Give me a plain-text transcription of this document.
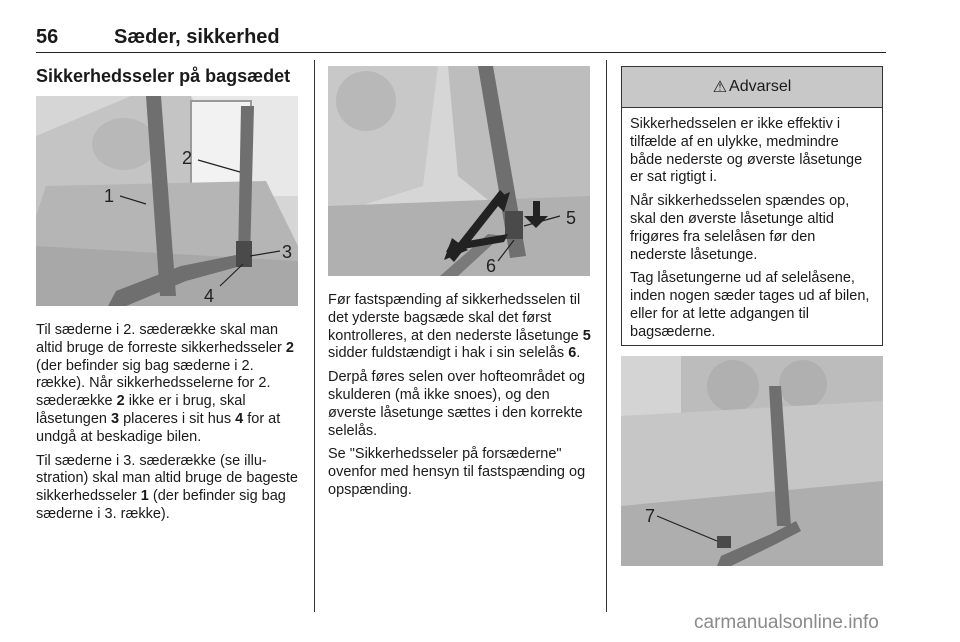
56	Sæder, sikkerhed
Sikkerhedsseler på bagsædet
1
2
3
4

Til sæderne i 2. sæderække skal man altid bruge de forreste sikkerhedsseler 2 (der befinder sig bag sæderne i 2. række). Når sikkerhedsselerne for 2. sæderække 2 ikke er i brug, skal låsetungen 3 placeres i sit hus 4 for at undgå at beskadige bilen.

Til sæderne i 3. sæderække (se illustration) skal man altid bruge de bageste sikkerhedsseler 1 (der befinder sig bag sæderne i 3. række).

5
6

Før fastspænding af sikkerhedsselen til det yderste bagsæde skal det først kontrolleres, at den nederste låsetunge 5 sidder fuldstændigt i hak i sin selelås 6.

Derpå føres selen over hofteområdet og skulderen (må ikke snoes), og den øverste låsetunge sættes i den korrekte selelås.

Se "Sikkerhedsseler på forsæderne" ovenfor med hensyn til fastspænding og opspænding.

⚠ Advarsel

Sikkerhedsselen er ikke effektiv i tilfælde af en ulykke, medmindre både nederste og øverste låsetunge er sat rigtigt i.

Når sikkerhedsselen spændes op, skal den øverste låsetunge altid frigøres fra selelåsen før den nederste låsetunge.

Tag låsetungerne ud af selelåsene, inden nogen sæder tages ud af bilen, eller for at lette adgangen til bagsæderne.

7
carmanualsonline.info
